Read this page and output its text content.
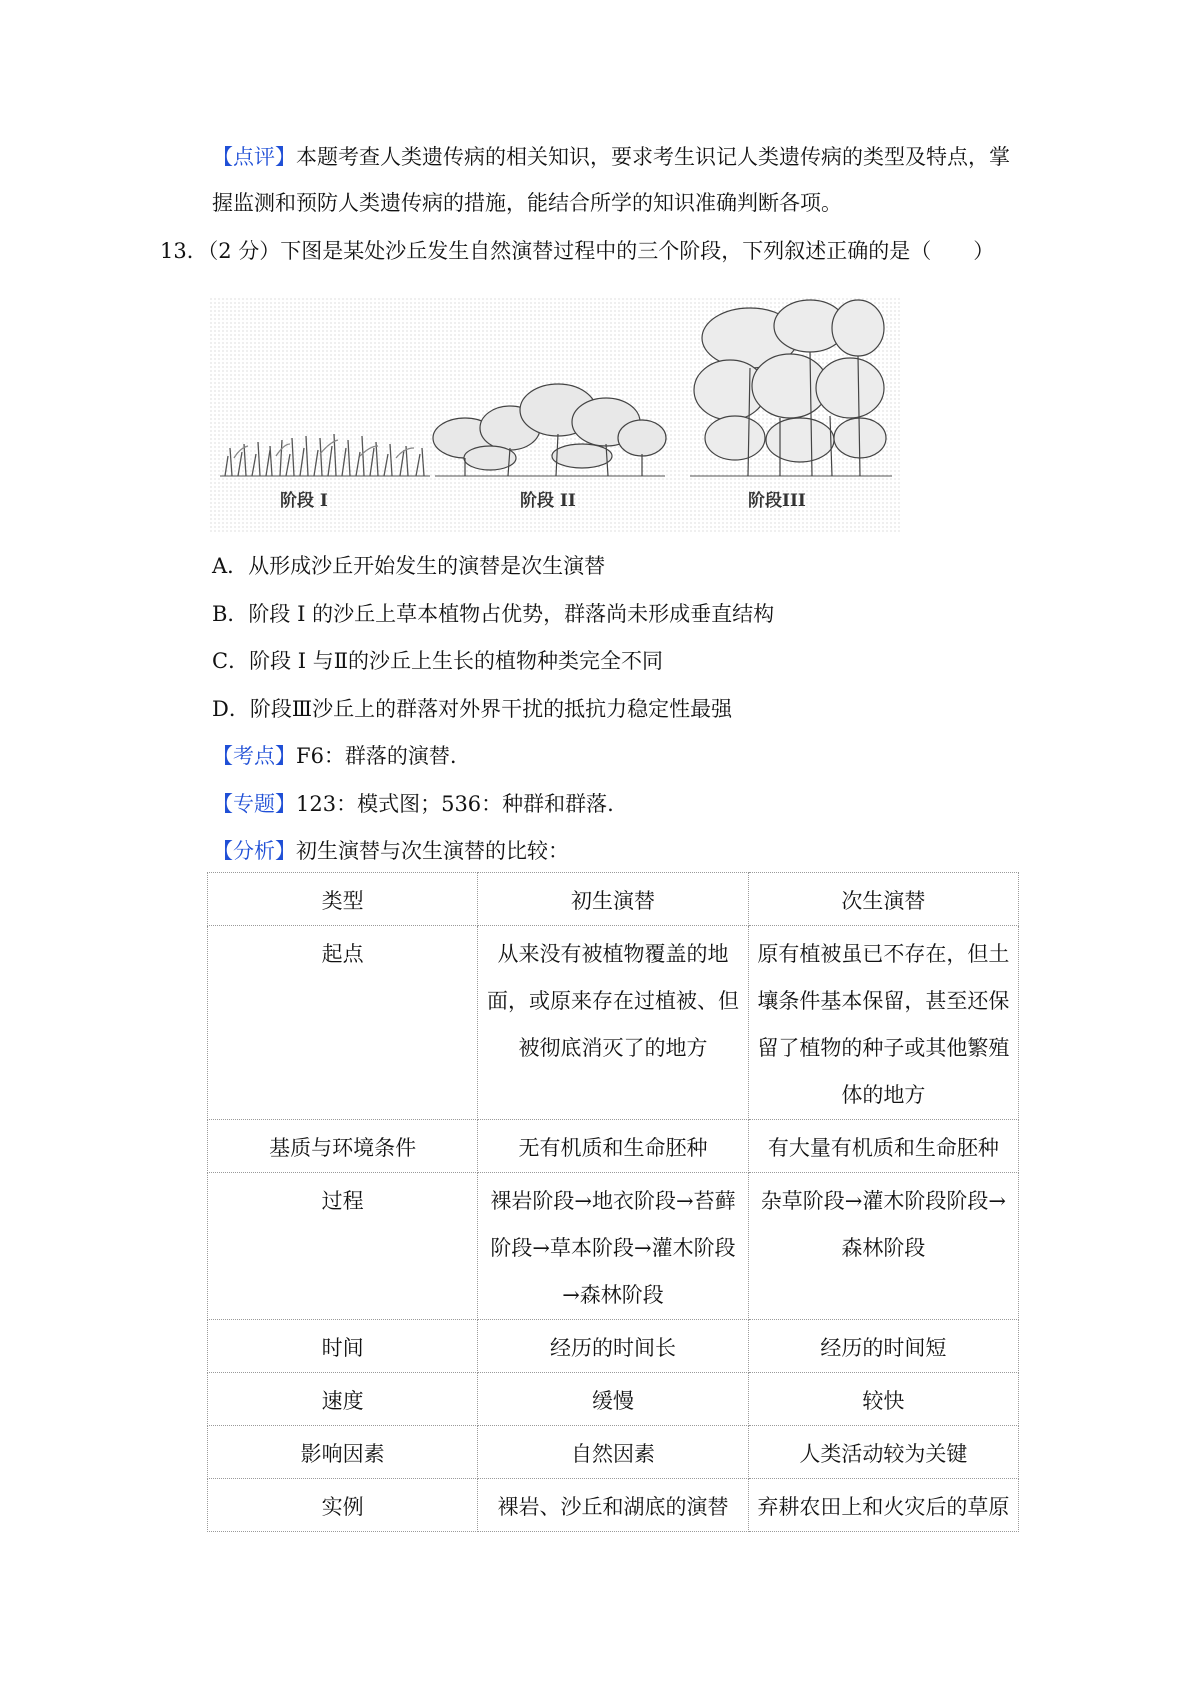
【点评】本题考查人类遗传病的相关知识，要求考生识记人类遗传病的类型及特点，掌
握监测和预防人类遗传病的措施，能结合所学的知识准确判断各项。
13．（2 分）下图是某处沙丘发生自然演替过程中的三个阶段，下列叙述正确的是（　　）
阶段 I	阶段 II	阶段III
A．从形成沙丘开始发生的演替是次生演替
B．阶段 I 的沙丘上草本植物占优势，群落尚未形成垂直结构
C．阶段 I 与Ⅱ的沙丘上生长的植物种类完全不同
D．阶段Ⅲ沙丘上的群落对外界干扰的抵抗力稳定性最强
【考点】F6：群落的演替.
【专题】123：模式图；536：种群和群落.
【分析】初生演替与次生演替的比较：
类型	初生演替	次生演替
起点	从来没有被植物覆盖的地面，或原来存在过植被、但被彻底消灭了的地方	原有植被虽已不存在，但土壤条件基本保留，甚至还保留了植物的种子或其他繁殖体的地方
基质与环境条件	无有机质和生命胚种	有大量有机质和生命胚种
过程	裸岩阶段→地衣阶段→苔藓阶段→草本阶段→灌木阶段→森林阶段	杂草阶段→灌木阶段阶段→森林阶段
时间	经历的时间长	经历的时间短
速度	缓慢	较快
影响因素	自然因素	人类活动较为关键
实例	裸岩、沙丘和湖底的演替	弃耕农田上和火灾后的草原
